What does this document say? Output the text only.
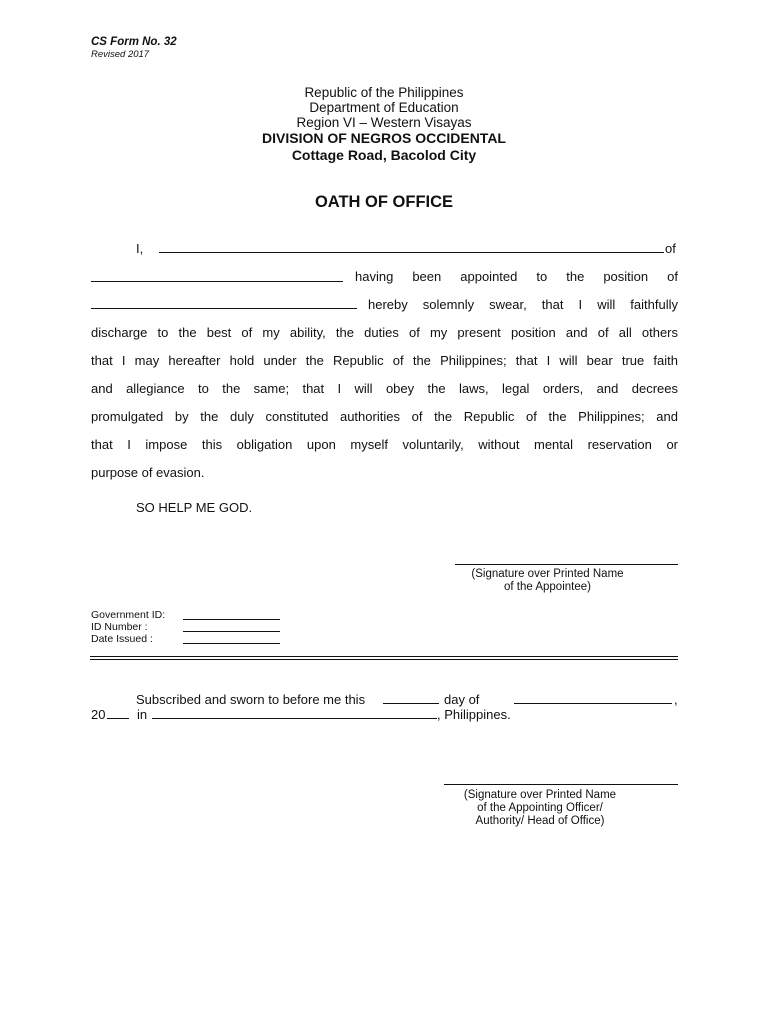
CS Form No. 32
Revised 2017
Republic of the Philippines
Department of Education
Region VI – Western Visayas
DIVISION OF NEGROS OCCIDENTAL
Cottage Road, Bacolod City
OATH OF OFFICE
I,	of
having been appointed to the position of
hereby solemnly swear, that I will faithfully
discharge to the best of my ability, the duties of my present position and of all others
that I may hereafter hold under the Republic of the Philippines; that I will bear true faith
and allegiance to the same; that I will obey the laws, legal orders, and decrees
promulgated by the duly constituted authorities of the Republic of the Philippines; and
that I impose this obligation upon myself voluntarily, without mental reservation or
purpose of evasion.
SO HELP ME GOD.
(Signature over Printed Name
of the Appointee)
Government ID:
ID Number :
Date Issued :
Subscribed and sworn to before me this	day of	,
20 in	, Philippines.
(Signature over Printed Name
of the Appointing Officer/
Authority/ Head of Office)
